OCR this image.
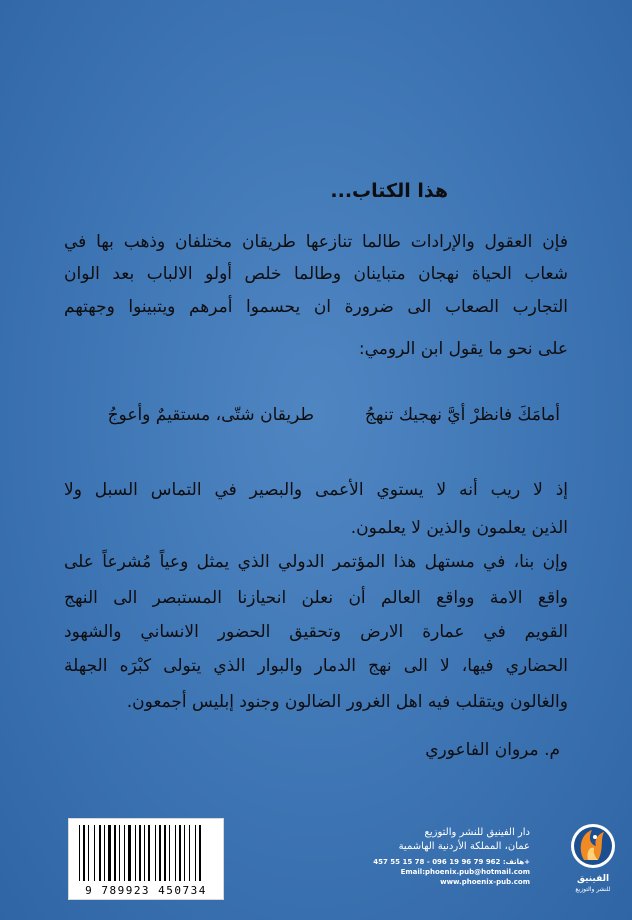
هذا الكتاب...
فإن العقول والإرادات طالما تنازعها طريقان مختلفان وذهب بها في
شعاب الحياة نهجان متباينان وطالما خلص أولو الالباب بعد الوان
التجارب الصعاب الى ضرورة ان يحسموا أمرهم ويتبينوا وجهتهم
على نحو ما يقول ابن الرومي:
أمامَكَ فانظرْ أيَّ نهجيك تنهجُ
طريقان شتّى، مستقيمٌ وأعوجُ
إذ لا ريب أنه لا يستوي الأعمى والبصير في التماس السبل ولا
الذين يعلمون والذين لا يعلمون.
وإن بنا، في مستهل هذا المؤتمر الدولي الذي يمثل وعياً مُشرعاً على
واقع الامة وواقع العالم أن نعلن انحيازنا المستبصر الى النهج
القويم في عمارة الارض وتحقيق الحضور الانساني والشهود
الحضاري فيها، لا الى نهج الدمار والبوار الذي يتولى كبْرَه الجهلة
والغالون ويتقلب فيه اهل الغرور الضالون وجنود إبليس أجمعون.
م. مروان الفاعوري
9 789923 450734
دار الفينيق للنشر والتوزيع
عمان، المملكة الأردنية الهاشمية
هاتف: 962 79 96 19 096 - 78 15 55 457+
Email:phoenix.pub@hotmail.com
www.phoenix-pub.com	الفينيق
للنشر والتوزيع
